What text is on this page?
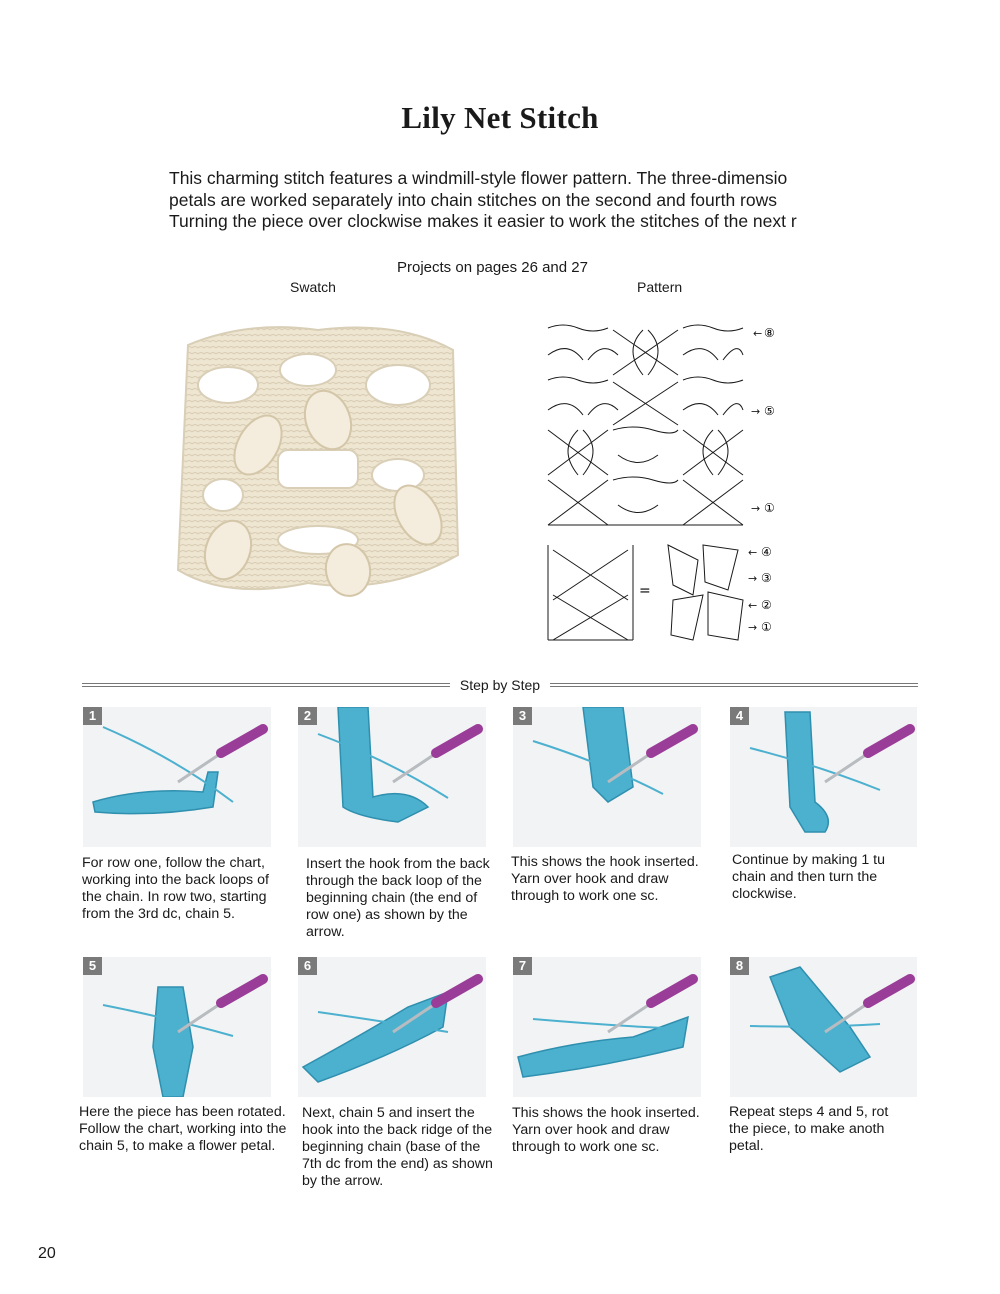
Lily Net Stitch
This charming stitch features a windmill-style flower pattern. The three-dimensio
petals are worked separately into chain stitches on the second and fourth rows
Turning the piece over clockwise makes it easier to work the stitches of the next r
Projects on pages 26 and 27
Swatch	Pattern
⑧
⑤
①
=
④
③
②
①
←
→
→
←
→
←
→
Step by Step
1
For row one, follow the chart,
working into the back loops of
the chain. In row two, starting
from the 3rd dc, chain 5.
2
Insert the hook from the back
through the back loop of the
beginning chain (the end of
row one) as shown by the
arrow.
3
This shows the hook inserted.
Yarn over hook and draw
through to work one sc.
4
Continue by making 1 tu
chain and then turn the
clockwise.
5
Here the piece has been rotated.
Follow the chart, working into the
chain 5, to make a flower petal.
6
Next, chain 5 and insert the
hook into the back ridge of the
beginning chain (base of the
7th dc from the end) as shown
by the arrow.
7
This shows the hook inserted.
Yarn over hook and draw
through to work one sc.
8
Repeat steps 4 and 5, rot
the piece, to make anoth
petal.
20
